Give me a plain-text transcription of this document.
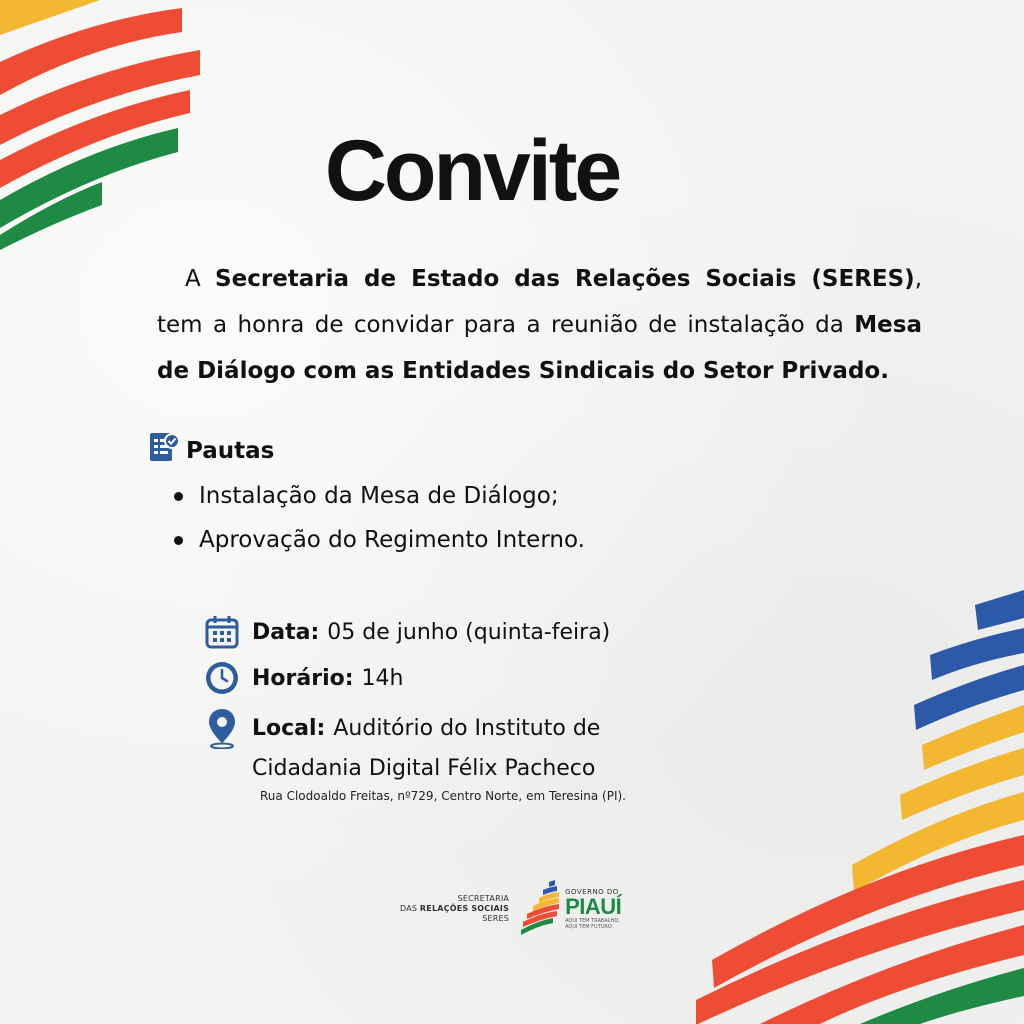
Convite
A Secretaria de Estado das Relações Sociais (SERES), tem a honra de convidar para a reunião de instalação da Mesa de Diálogo com as Entidades Sindicais do Setor Privado.
Pautas
Instalação da Mesa de Diálogo;
Aprovação do Regimento Interno.
Data: 05 de junho (quinta-feira)
Horário: 14h
Local: Auditório do Instituto de
Cidadania Digital Félix Pacheco
Rua Clodoaldo Freitas, nº729, Centro Norte, em Teresina (PI).
SECRETARIA
DAS RELAÇÕES SOCIAIS
SERES
GOVERNO DO
PIAUÍ
AQUI TEM TRABALHO,
AQUI TEM FUTURO
